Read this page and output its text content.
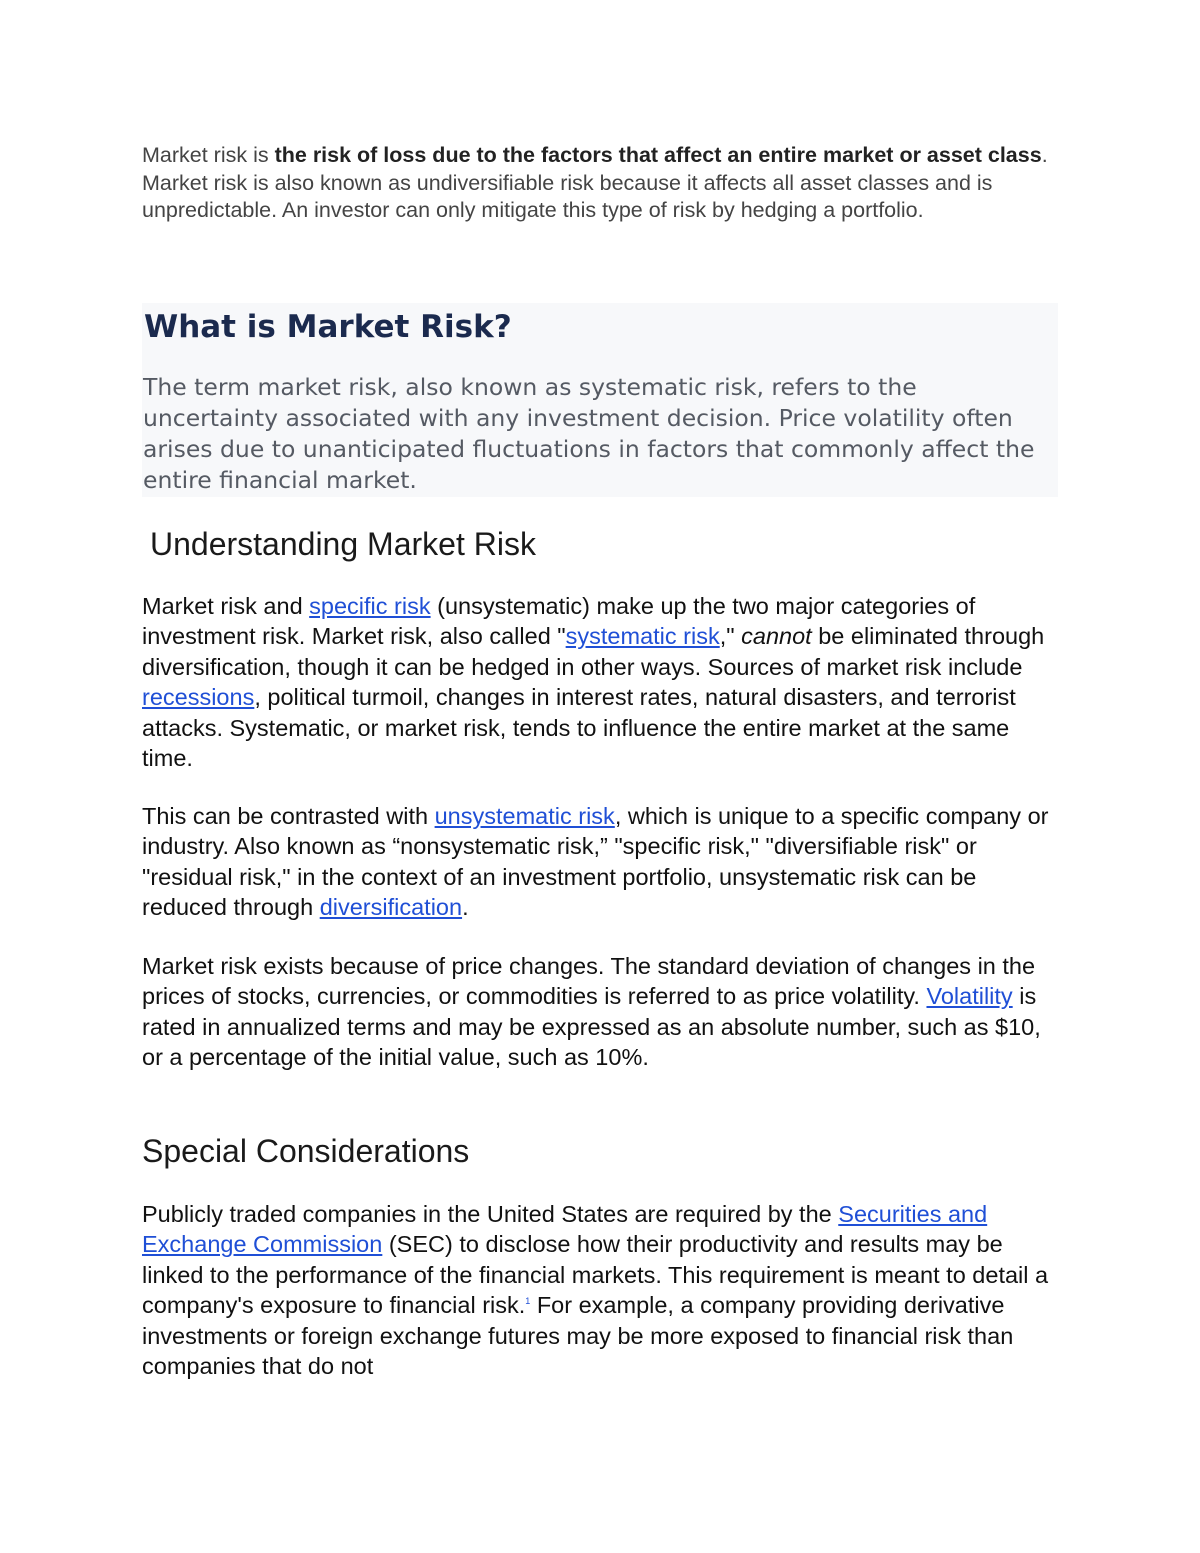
Market risk is the risk of loss due to the factors that affect an entire market or asset class. Market risk is also known as undiversifiable risk because it affects all asset classes and is unpredictable. An investor can only mitigate this type of risk by hedging a portfolio.

What is Market Risk?

The term market risk, also known as systematic risk, refers to the uncertainty associated with any investment decision. Price volatility often arises due to unanticipated fluctuations in factors that commonly affect the entire financial market.

Understanding Market Risk

Market risk and specific risk (unsystematic) make up the two major categories of investment risk. Market risk, also called "systematic risk," cannot be eliminated through diversification, though it can be hedged in other ways. Sources of market risk include recessions, political turmoil, changes in interest rates, natural disasters, and terrorist attacks. Systematic, or market risk, tends to influence the entire market at the same time.

This can be contrasted with unsystematic risk, which is unique to a specific company or industry. Also known as “nonsystematic risk,” "specific risk," "diversifiable risk" or "residual risk," in the context of an investment portfolio, unsystematic risk can be reduced through diversification.

Market risk exists because of price changes. The standard deviation of changes in the prices of stocks, currencies, or commodities is referred to as price volatility. Volatility is rated in annualized terms and may be expressed as an absolute number, such as $10, or a percentage of the initial value, such as 10%.

Special Considerations

Publicly traded companies in the United States are required by the Securities and Exchange Commission (SEC) to disclose how their productivity and results may be linked to the performance of the financial markets. This requirement is meant to detail a company's exposure to financial risk.$^1$ For example, a company providing derivative investments or foreign exchange futures may be more exposed to financial risk than companies that do not
